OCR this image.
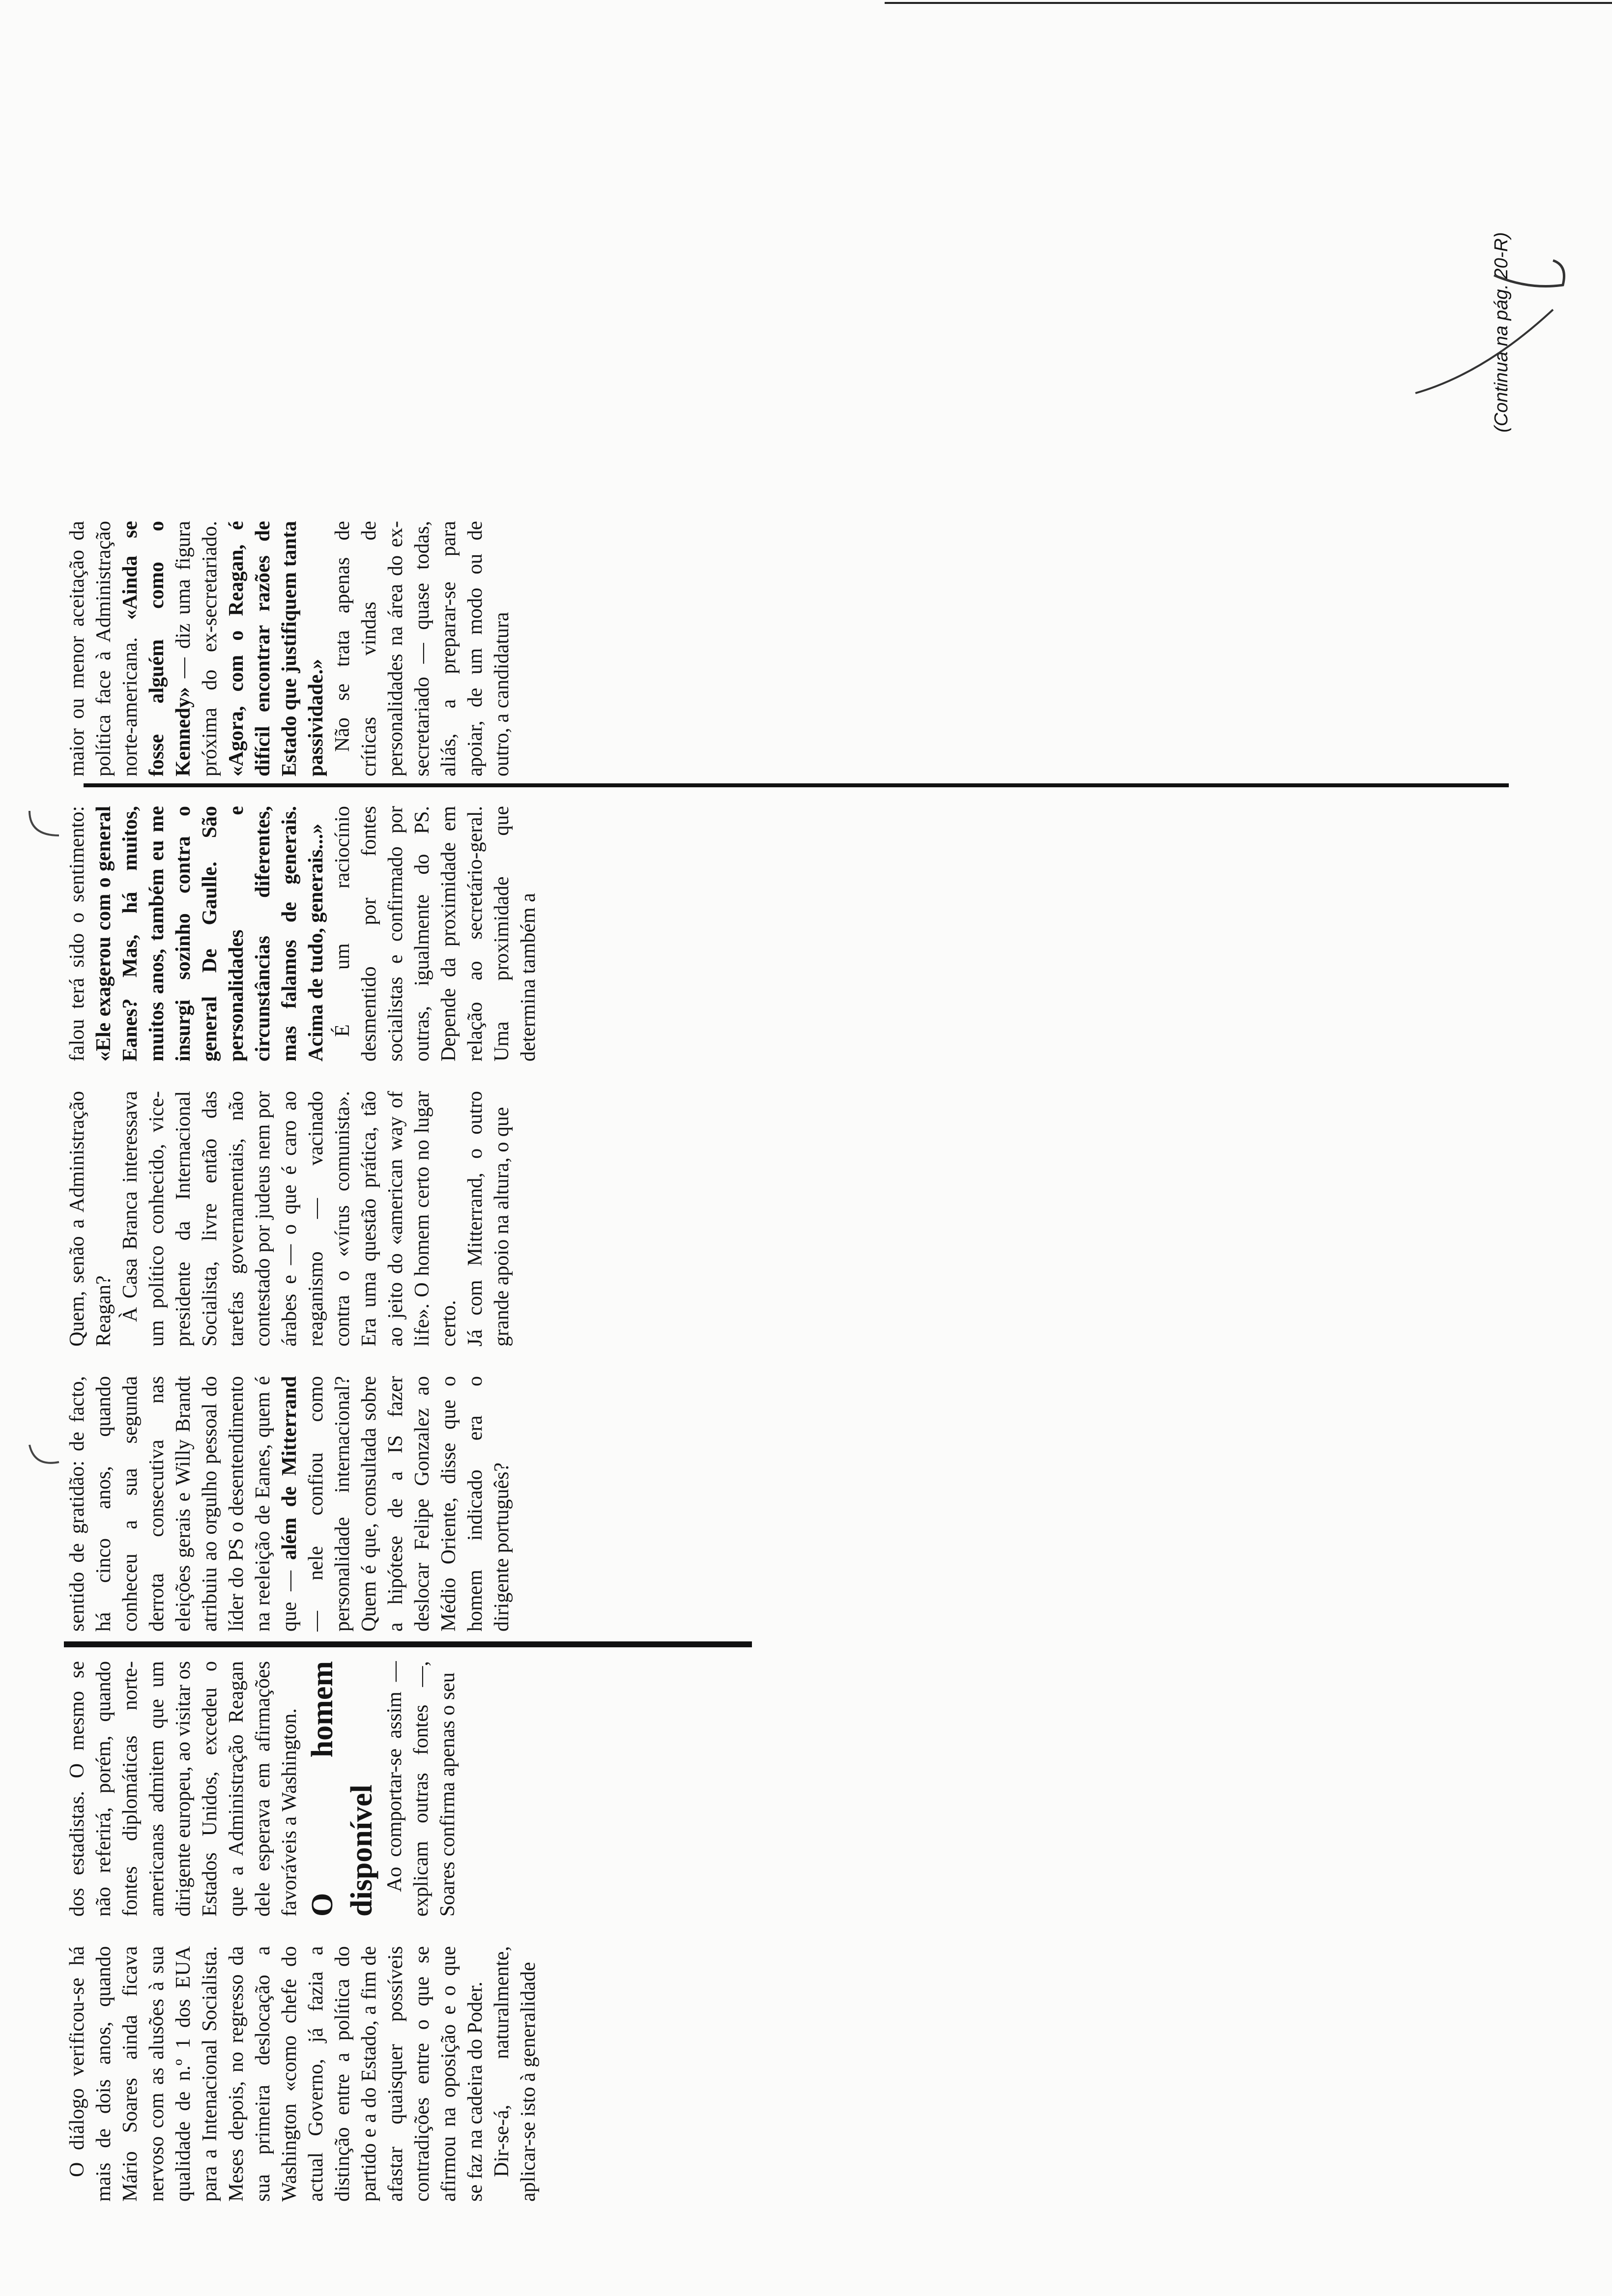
O diálogo verificou-se há mais de dois anos, quando Mário Soares ainda ficava nervoso com as alusões à sua qualidade de n.º 1 dos EUA para a Intenacional Socialista. Meses depois, no regresso da sua primeira deslocação a Washington «como chefe do actual Governo, já fazia a distinção entre a política do partido e a do Estado, a fim de afastar quaisquer possíveis contradições entre o que se afirmou na oposição e o que se faz na cadeira do Poder. Dir-se-á, naturalmente, aplicar-se isto à generalidade

dos estadistas. O mesmo se não referirá, porém, quando fontes diplomáticas norte-americanas admitem que um dirigente europeu, ao visitar os Estados Unidos, excedeu o que a Administração Reagan dele esperava em afirmações favoráveis a Washington. O homem disponível Ao comportar-se assim — explicam outras fontes —, Soares confirma apenas o seu

sentido de gratidão: de facto, há cinco anos, quando conheceu a sua segunda derrota consecutiva nas eleições gerais e Willy Brandt atribuiu ao orgulho pessoal do líder do PS o desentendimento na reeleição de Eanes, quem é que — além de Mitterrand — nele confiou como personalidade internacional? Quem é que, consultada sobre a hipótese de a IS fazer deslocar Felipe Gonzalez ao Médio Oriente, disse que o homem indicado era o dirigente português?

Quem, senão a Administração Reagan? À Casa Branca interessava um político conhecido, vice-presidente da Internacional Socialista, livre então das tarefas governamentais, não contestado por judeus nem por árabes e — o que é caro ao reaganismo — vacinado contra o «vírus comunista». Era uma questão prática, tão ao jeito do «american way of life». O homem certo no lugar certo. Já com Mitterrand, o outro grande apoio na altura, o que

falou terá sido o sentimento: «Ele exagerou com o general Eanes? Mas, há muitos, muitos anos, também eu me insurgi sozinho contra o general De Gaulle. São personalidades e circunstâncias diferentes, mas falamos de generais. Acima de tudo, generais...» É um raciocínio desmentido por fontes socialistas e confirmado por outras, igualmente do PS. Depende da proximidade em relação ao secretário-geral. Uma proximidade que determina também a

maior ou menor aceitação da política face à Administração norte-americana. «Ainda se fosse alguém como o Kennedy» — diz uma figura próxima do ex-secretariado. «Agora, com o Reagan, é difícil encontrar razões de Estado que justifiquem tanta passividade.» Não se trata apenas de críticas vindas de personalidades na área do ex-secretariado — quase todas, aliás, a preparar-se para apoiar, de um modo ou de outro, a candidatura

(Continua na pág. 20-R)
